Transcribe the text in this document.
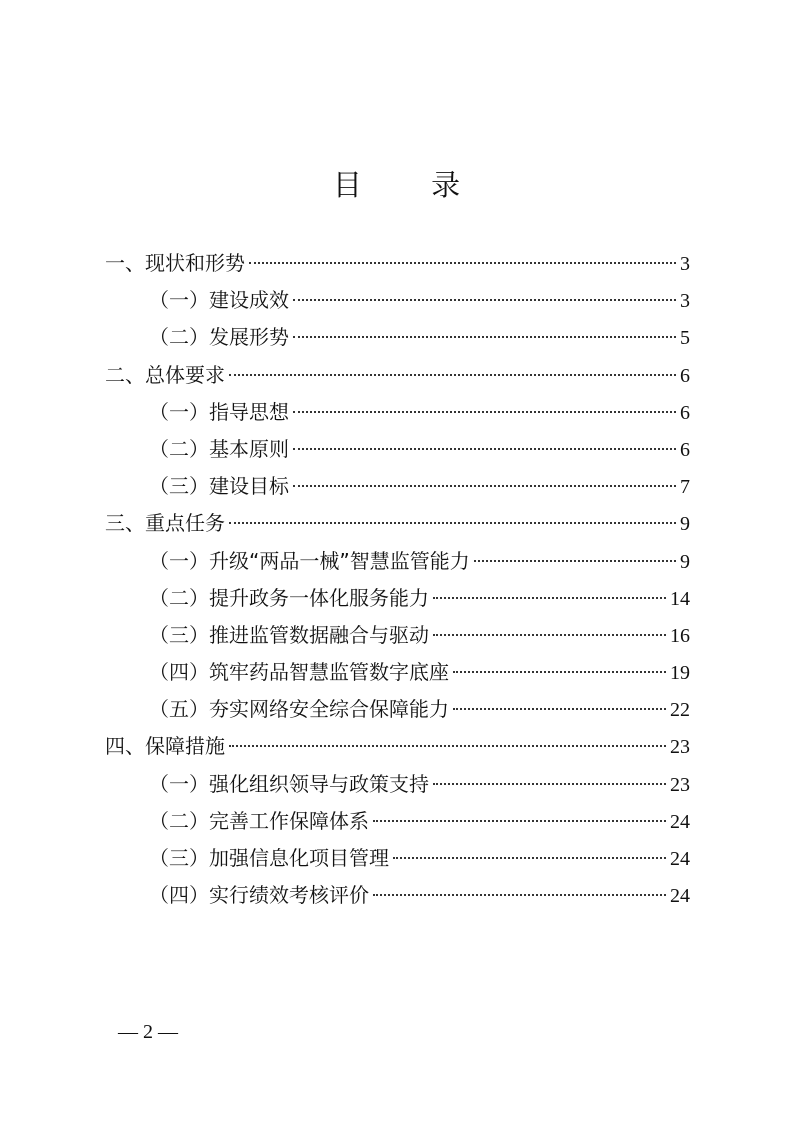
目 录
一、现状和形势	3
（一）建设成效	3
（二）发展形势	5
二、总体要求	6
（一）指导思想	6
（二）基本原则	6
（三）建设目标	7
三、重点任务	9
（一）升级“两品一械”智慧监管能力	9
（二）提升政务一体化服务能力	14
（三）推进监管数据融合与驱动	16
（四）筑牢药品智慧监管数字底座	19
（五）夯实网络安全综合保障能力	22
四、保障措施	23
（一）强化组织领导与政策支持	23
（二）完善工作保障体系	24
（三）加强信息化项目管理	24
（四）实行绩效考核评价	24
— 2 —
